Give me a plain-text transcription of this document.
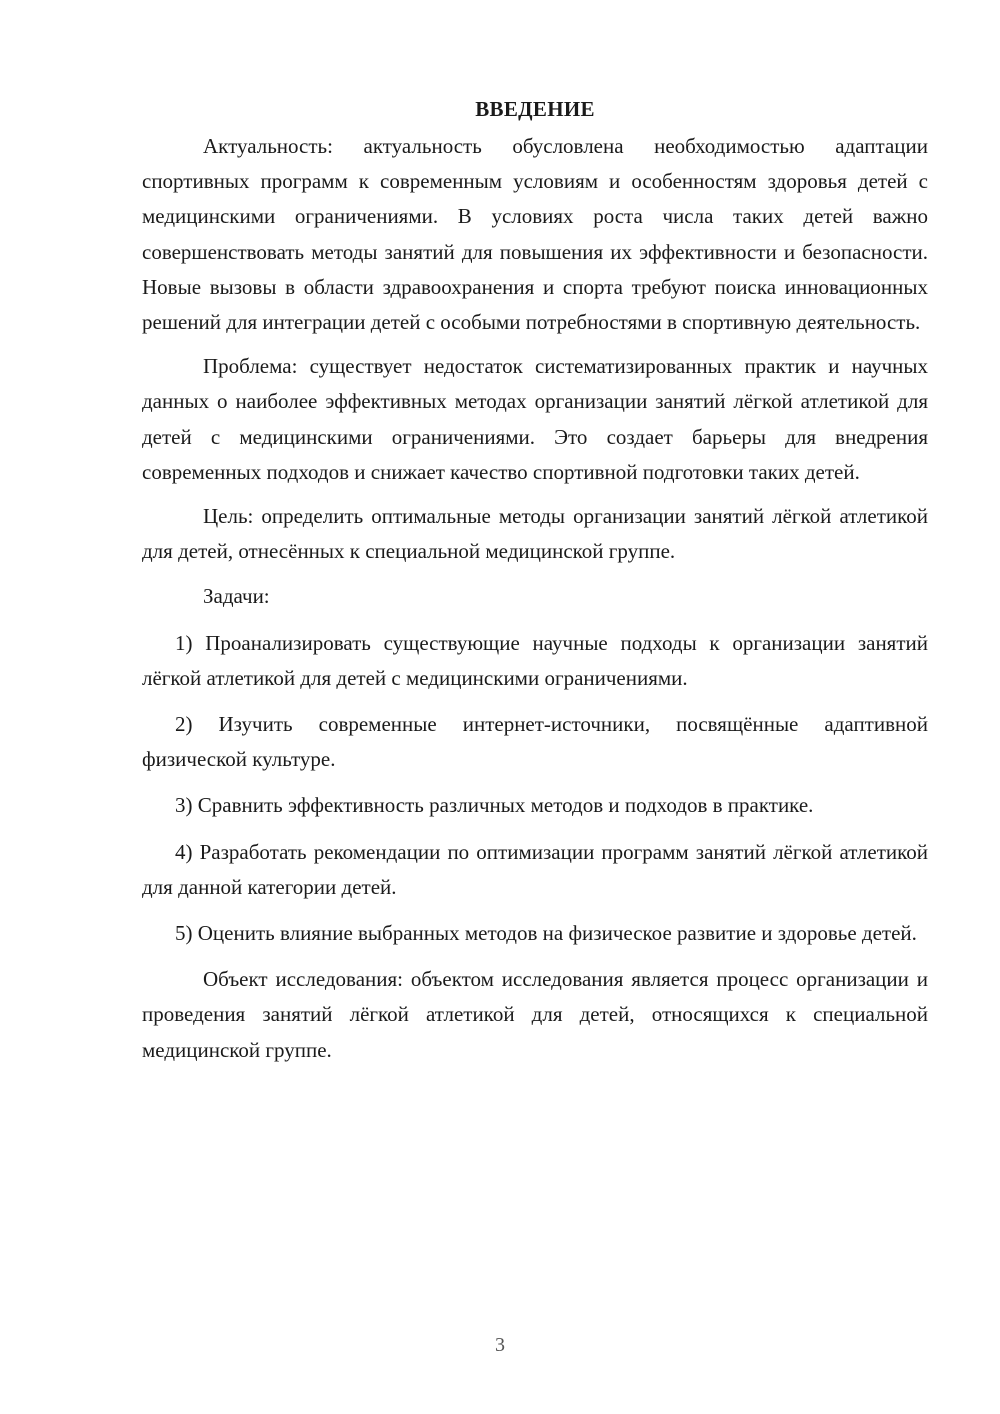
ВВЕДЕНИЕ

Актуальность: актуальность обусловлена необходимостью адаптации спортивных программ к современным условиям и особенностям здоровья детей с медицинскими ограничениями. В условиях роста числа таких детей важно совершенствовать методы занятий для повышения их эффективности и безопасности. Новые вызовы в области здравоохранения и спорта требуют поиска инновационных решений для интеграции детей с особыми потребностями в спортивную деятельность.

Проблема: существует недостаток систематизированных практик и научных данных о наиболее эффективных методах организации занятий лёгкой атлетикой для детей с медицинскими ограничениями. Это создает барьеры для внедрения современных подходов и снижает качество спортивной подготовки таких детей.

Цель: определить оптимальные методы организации занятий лёгкой атлетикой для детей, отнесённых к специальной медицинской группе.

Задачи:

1) Проанализировать существующие научные подходы к организации занятий лёгкой атлетикой для детей с медицинскими ограничениями.

2) Изучить современные интернет-источники, посвящённые адаптивной физической культуре.

3) Сравнить эффективность различных методов и подходов в практике.

4) Разработать рекомендации по оптимизации программ занятий лёгкой атлетикой для данной категории детей.

5) Оценить влияние выбранных методов на физическое развитие и здоровье детей.

Объект исследования: объектом исследования является процесс организации и проведения занятий лёгкой атлетикой для детей, относящихся к специальной медицинской группе.

3
